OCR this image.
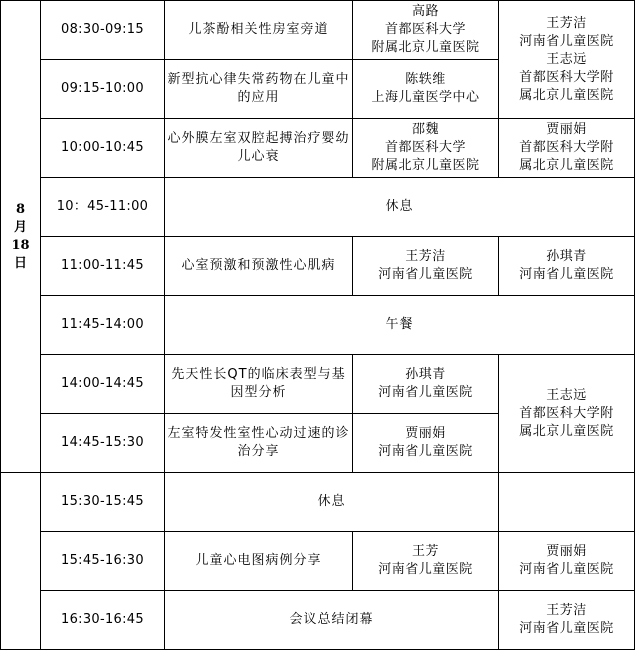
8
月
18
日	08:30-09:15	儿茶酚相关性房室旁道	高路
首都医科大学
附属北京儿童医院	王芳洁
河南省儿童医院
王志远
首都医科大学附
属北京儿童医院

	09:15-10:00	新型抗心律失常药物在儿童中的应用	陈轶维
上海儿童医学中心	

	10:00-10:45	心外膜左室双腔起搏治疗婴幼儿心衰	邵魏
首都医科大学
附属北京儿童医院	贾丽娟
首都医科大学附
属北京儿童医院

	10：45-11:00	休息		
	11:00-11:45	心室预激和预激性心肌病	王芳洁
河南省儿童医院	孙琪青
河南省儿童医院

	11:45-14:00	午餐		
	14:00-14:45	先天性长QT的临床表型与基因型分析	孙琪青
河南省儿童医院	王志远
首都医科大学附
属北京儿童医院

	14:45-15:30	左室特发性室性心动过速的诊治分享	贾丽娟
河南省儿童医院	

	15:30-15:45	休息		
	15:45-16:30	儿童心电图病例分享	王芳
河南省儿童医院	贾丽娟
河南省儿童医院

	16:30-16:45	会议总结闭幕		王芳洁
河南省儿童医院
